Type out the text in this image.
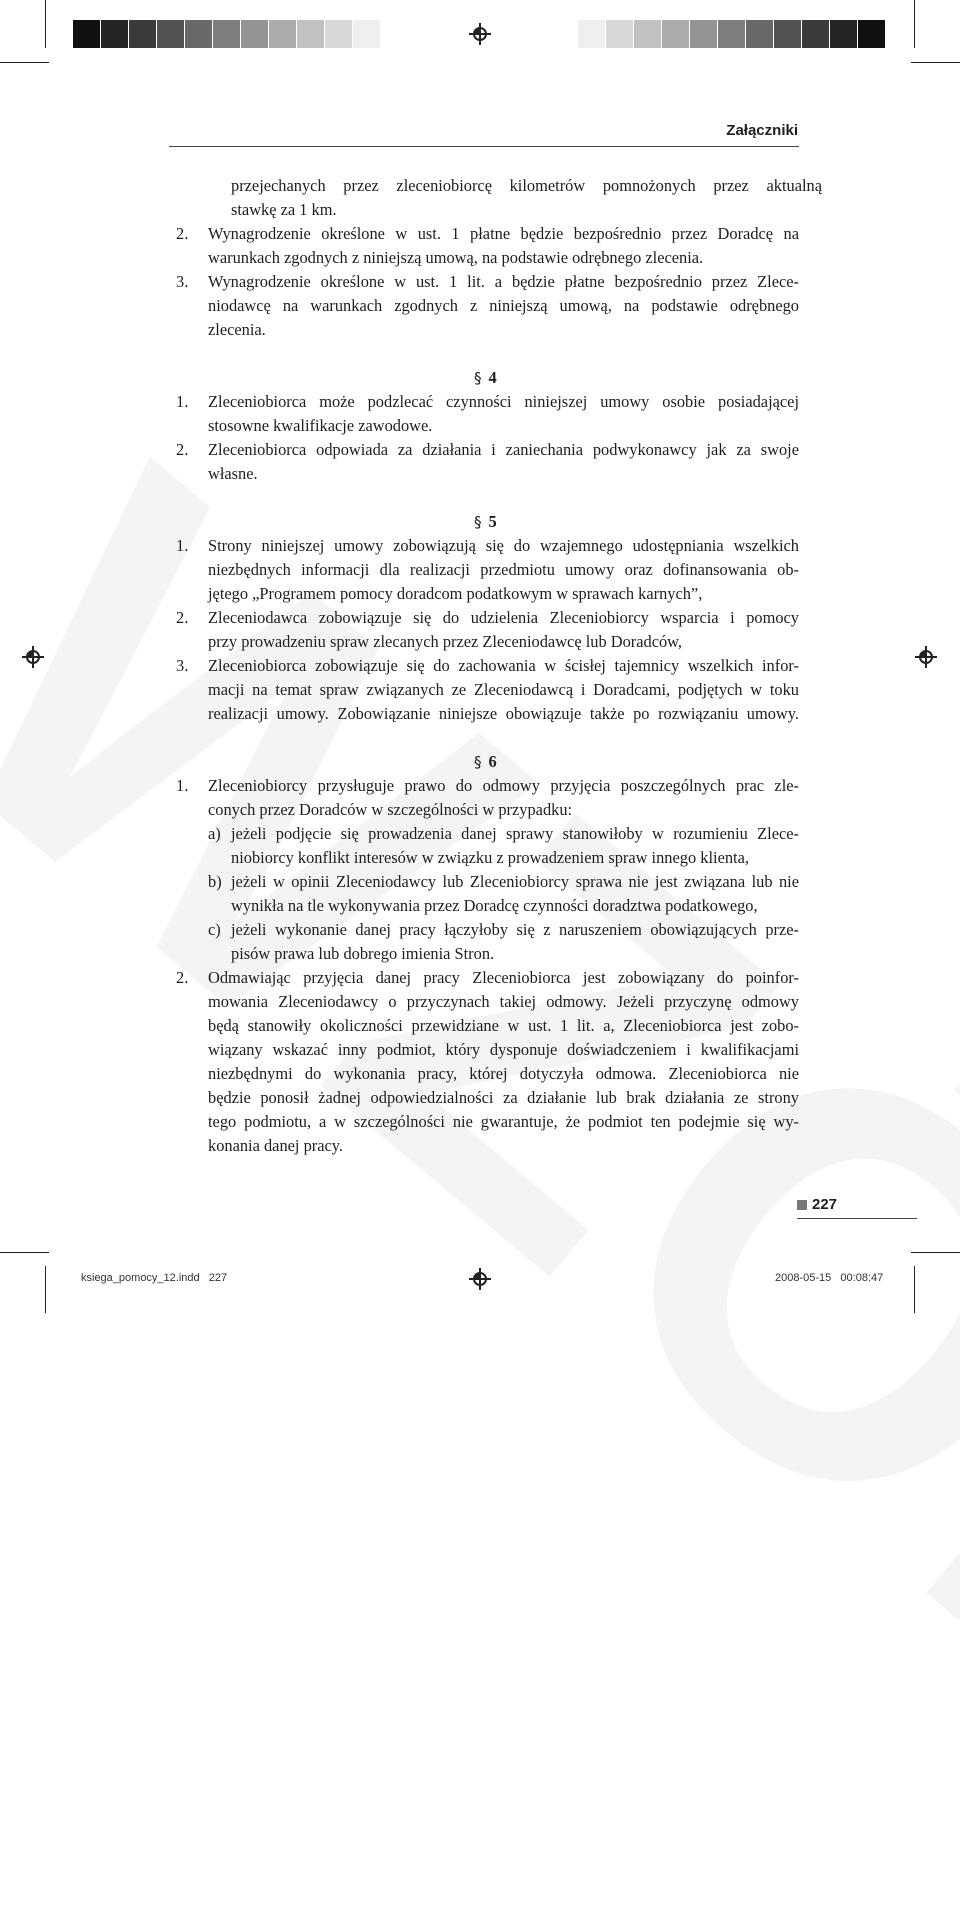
Załączniki
§ 4
§ 5
§ 6
przejechanych przez zleceniobiorcę kilometrów pomnożonych przez aktualną
stawkę za 1 km.
Wynagrodzenie określone w ust. 1 płatne będzie bezpośrednio przez Doradcę na
warunkach zgodnych z niniejszą umową, na podstawie odrębnego zlecenia.
Wynagrodzenie określone w ust. 1 lit. a będzie płatne bezpośrednio przez Zlece-
niodawcę na warunkach zgodnych z niniejszą umową, na podstawie odrębnego
zlecenia.
Zleceniobiorca może podzlecać czynności niniejszej umowy osobie posiadającej
stosowne kwalifikacje zawodowe.
Zleceniobiorca odpowiada za działania i zaniechania podwykonawcy jak za swoje
własne.
Strony niniejszej umowy zobowiązują się do wzajemnego udostępniania wszelkich
niezbędnych informacji dla realizacji przedmiotu umowy oraz dofinansowania ob-
jętego „Programem pomocy doradcom podatkowym w sprawach karnych”,
Zleceniodawca zobowiązuje się do udzielenia Zleceniobiorcy wsparcia i pomocy
przy prowadzeniu spraw zlecanych przez Zleceniodawcę lub Doradców,
Zleceniobiorca zobowiązuje się do zachowania w ścisłej tajemnicy wszelkich infor-
macji na temat spraw związanych ze Zleceniodawcą i Doradcami, podjętych w toku
realizacji umowy. Zobowiązanie niniejsze obowiązuje także po rozwiązaniu umowy.
Zleceniobiorcy przysługuje prawo do odmowy przyjęcia poszczególnych prac zle-
conych przez Doradców w szczególności w przypadku:
jeżeli podjęcie się prowadzenia danej sprawy stanowiłoby w rozumieniu Zlece-
niobiorcy konflikt interesów w związku z prowadzeniem spraw innego klienta,
jeżeli w opinii Zleceniodawcy lub Zleceniobiorcy sprawa nie jest związana lub nie
wynikła na tle wykonywania przez Doradcę czynności doradztwa podatkowego,
jeżeli wykonanie danej pracy łączyłoby się z naruszeniem obowiązujących prze-
pisów prawa lub dobrego imienia Stron.
Odmawiając przyjęcia danej pracy Zleceniobiorca jest zobowiązany do poinfor-
mowania Zleceniodawcy o przyczynach takiej odmowy. Jeżeli przyczynę odmowy
będą stanowiły okoliczności przewidziane w ust. 1 lit. a, Zleceniobiorca jest zobo-
wiązany wskazać inny podmiot, który dysponuje doświadczeniem i kwalifikacjami
niezbędnymi do wykonania pracy, której dotyczyła odmowa. Zleceniobiorca nie
będzie ponosił żadnej odpowiedzialności za działanie lub brak działania ze strony
tego podmiotu, a w szczególności nie gwarantuje, że podmiot ten podejmie się wy-
konania danej pracy.
2.
3.
1.
2.
1.
2.
3.
1.
a)
b)
c)
2.
227
ksiega_pomocy_12.indd   227	2008-05-15   00:08:47
